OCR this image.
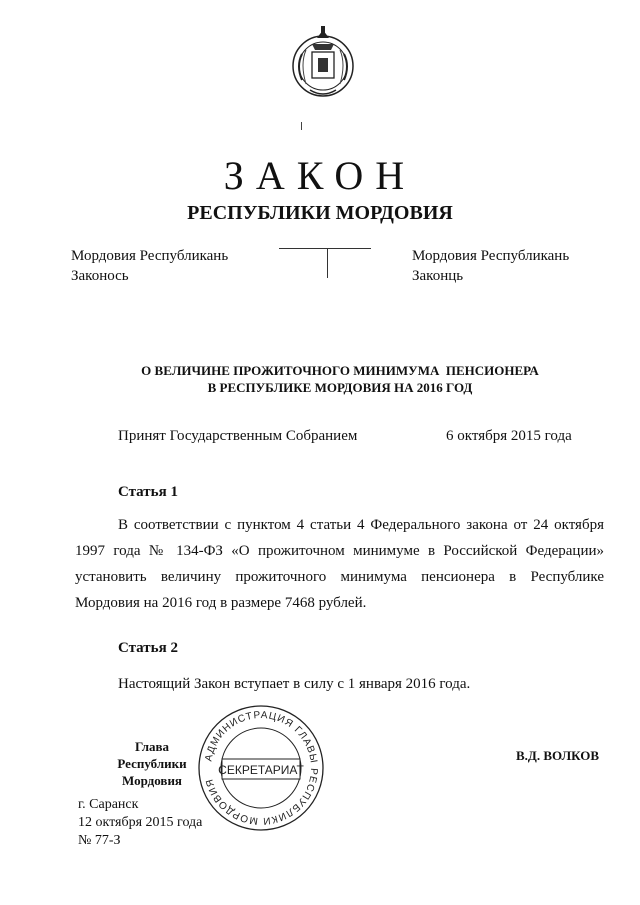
ЗАКОН
РЕСПУБЛИКИ МОРДОВИЯ
Мордовия Республикань
Законось
Мордовия Республикань
Законць
О ВЕЛИЧИНЕ ПРОЖИТОЧНОГО МИНИМУМА  ПЕНСИОНЕРА
В РЕСПУБЛИКЕ МОРДОВИЯ НА 2016 ГОД
Принят Государственным Собранием	6 октября 2015 года
Статья 1
В соответствии с пунктом 4 статьи 4 Федерального закона от 24 октября 1997 года № 134-ФЗ «О прожиточном минимуме в Российской Федерации» установить величину прожиточного минимума пенсионера в Республике Мордовия на 2016 год в размере 7468 рублей.
Статья 2
Настоящий Закон вступает в силу с 1 января 2016 года.
Глава
Республики Мордовия
АДМИНИСТРАЦИЯ ГЛАВЫ РЕСПУБЛИКИ МОРДОВИЯ
СЕКРЕТАРИАТ
В.Д. ВОЛКОВ
г. Саранск
12 октября 2015 года
№ 77-З
